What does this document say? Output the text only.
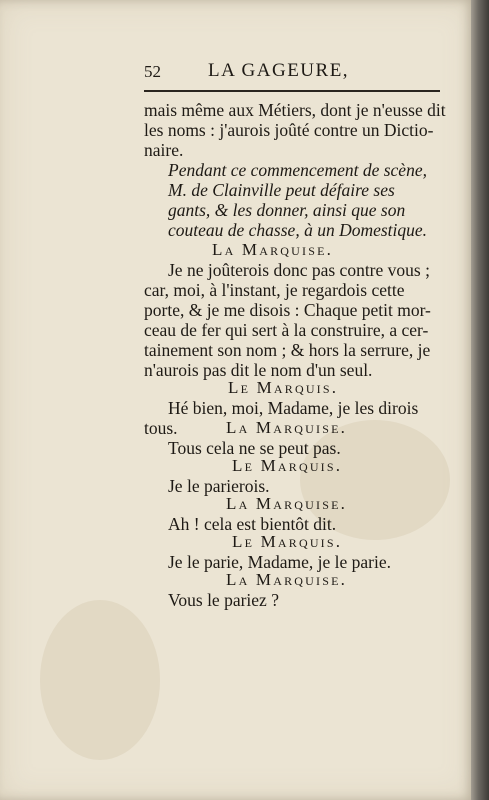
52 LA GAGEURE,
mais même aux Métiers, dont je n'eusse dit
les noms : j'aurois joûté contre un Dictio-
naire.
Pendant ce commencement de scène,
M. de Clainville peut défaire ses
gants, & les donner, ainsi que son
couteau de chasse, à un Domestique.
La Marquise.
Je ne joûterois donc pas contre vous ;
car, moi, à l'instant, je regardois cette
porte, & je me disois : Chaque petit mor-
ceau de fer qui sert à la construire, a cer-
tainement son nom ; & hors la serrure, je
n'aurois pas dit le nom d'un seul.
Le Marquis.
Hé bien, moi, Madame, je les dirois
tous.	La Marquise.
Tous cela ne se peut pas.
Le Marquis.
Je le parierois.
La Marquise.
Ah ! cela est bientôt dit.
Le Marquis.
Je le parie, Madame, je le parie.
La Marquise.
Vous le pariez ?
